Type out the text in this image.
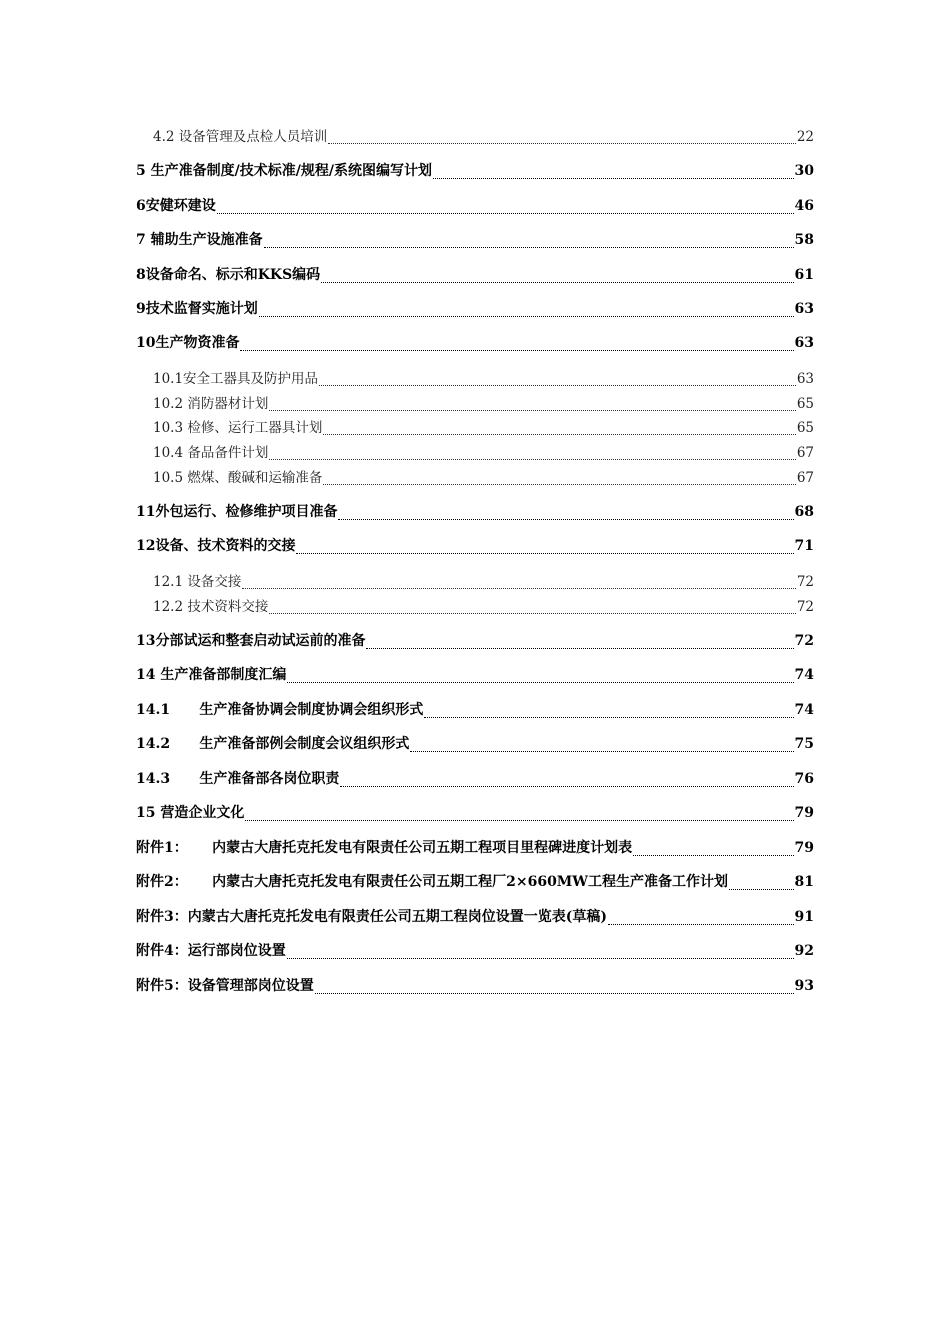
4.2 设备管理及点检人员培训	22
5 生产准备制度/技术标准/规程/系统图编写计划	30
6安健环建设	46
7 辅助生产设施准备	58
8设备命名、标示和KKS编码	61
9技术监督实施计划	63
10生产物资准备	63
10.1安全工器具及防护用品	63
10.2 消防器材计划	65
10.3 检修、运行工器具计划	65
10.4 备品备件计划	67
10.5 燃煤、酸碱和运输准备	67
11外包运行、检修维护项目准备	68
12设备、技术资料的交接	71
12.1 设备交接	72
12.2 技术资料交接	72
13分部试运和整套启动试运前的准备	72
14 生产准备部制度汇编	74
14.1      生产准备协调会制度协调会组织形式	74
14.2      生产准备部例会制度会议组织形式	75
14.3      生产准备部各岗位职责	76
15 营造企业文化	79
附件1：     内蒙古大唐托克托发电有限责任公司五期工程项目里程碑进度计划表	79
附件2：     内蒙古大唐托克托发电有限责任公司五期工程厂2×660MW工程生产准备工作计划	81
附件3：内蒙古大唐托克托发电有限责任公司五期工程岗位设置一览表(草稿)	91
附件4：运行部岗位设置	92
附件5：设备管理部岗位设置	93
